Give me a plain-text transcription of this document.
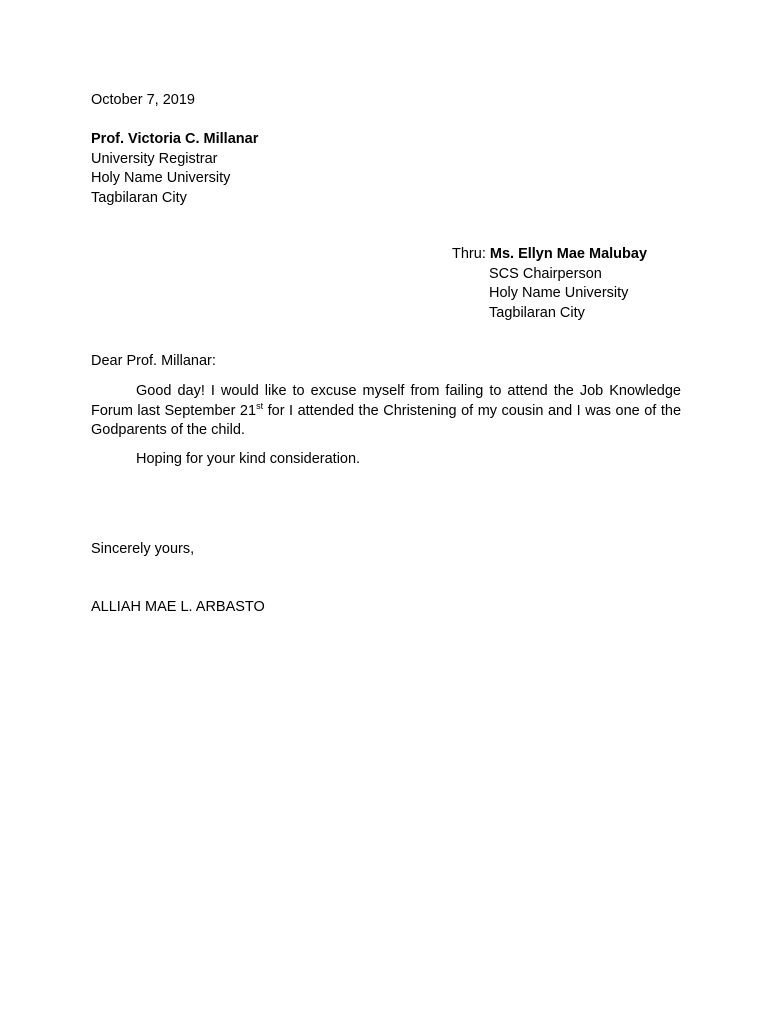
October 7, 2019
Prof. Victoria C. Millanar
University Registrar
Holy Name University
Tagbilaran City
Thru: Ms. Ellyn Mae Malubay
SCS Chairperson
Holy Name University
Tagbilaran City
Dear Prof. Millanar:
Good day! I would like to excuse myself from failing to attend the Job Knowledge Forum last September 21st for I attended the Christening of my cousin and I was one of the Godparents of the child.
Hoping for your kind consideration.
Sincerely yours,
ALLIAH MAE L. ARBASTO
